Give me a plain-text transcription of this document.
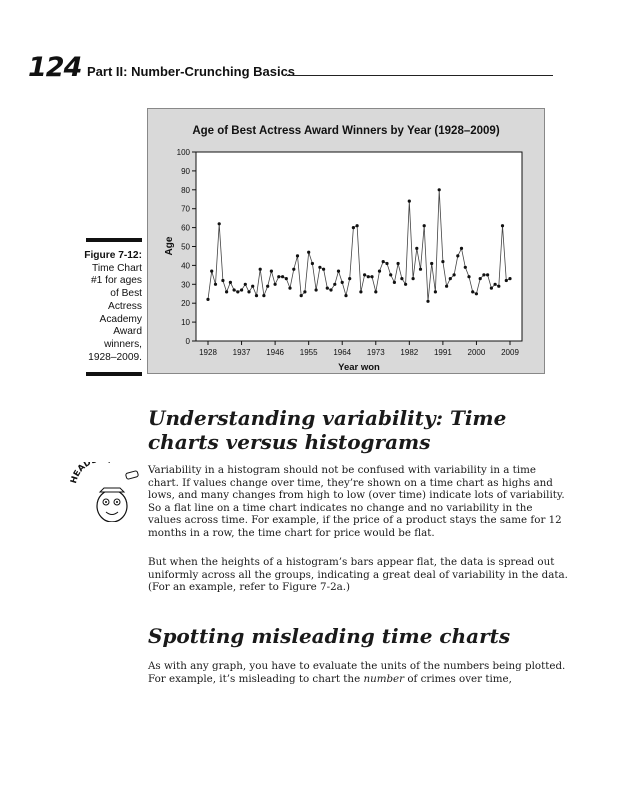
124 Part II: Number-Crunching Basics
Figure 7-12:
Time Chart #1 for ages of Best Actress Academy Award winners, 1928–2009.
Age of Best Actress Award Winners by Year (1928–2009)
0
10
20
30
40
50
60
70
80
90
100
1928 1937 1946 1955 1964 1973 1982 1991 2000 2009
Year won
Age
Understanding variability: Time charts versus histograms
HEAD
Variability in a histogram should not be confused with variability in a time chart. If values change over time, they’re shown on a time chart as highs and lows, and many changes from high to low (over time) indicate lots of variability. So a flat line on a time chart indicates no change and no variability in the values across time. For example, if the price of a product stays the same for 12 months in a row, the time chart for price would be flat.
But when the heights of a histogram’s bars appear flat, the data is spread out uniformly across all the groups, indicating a great deal of variability in the data. (For an example, refer to Figure 7-2a.)
Spotting misleading time charts
As with any graph, you have to evaluate the units of the numbers being plotted. For example, it’s misleading to chart the number of crimes over time,
